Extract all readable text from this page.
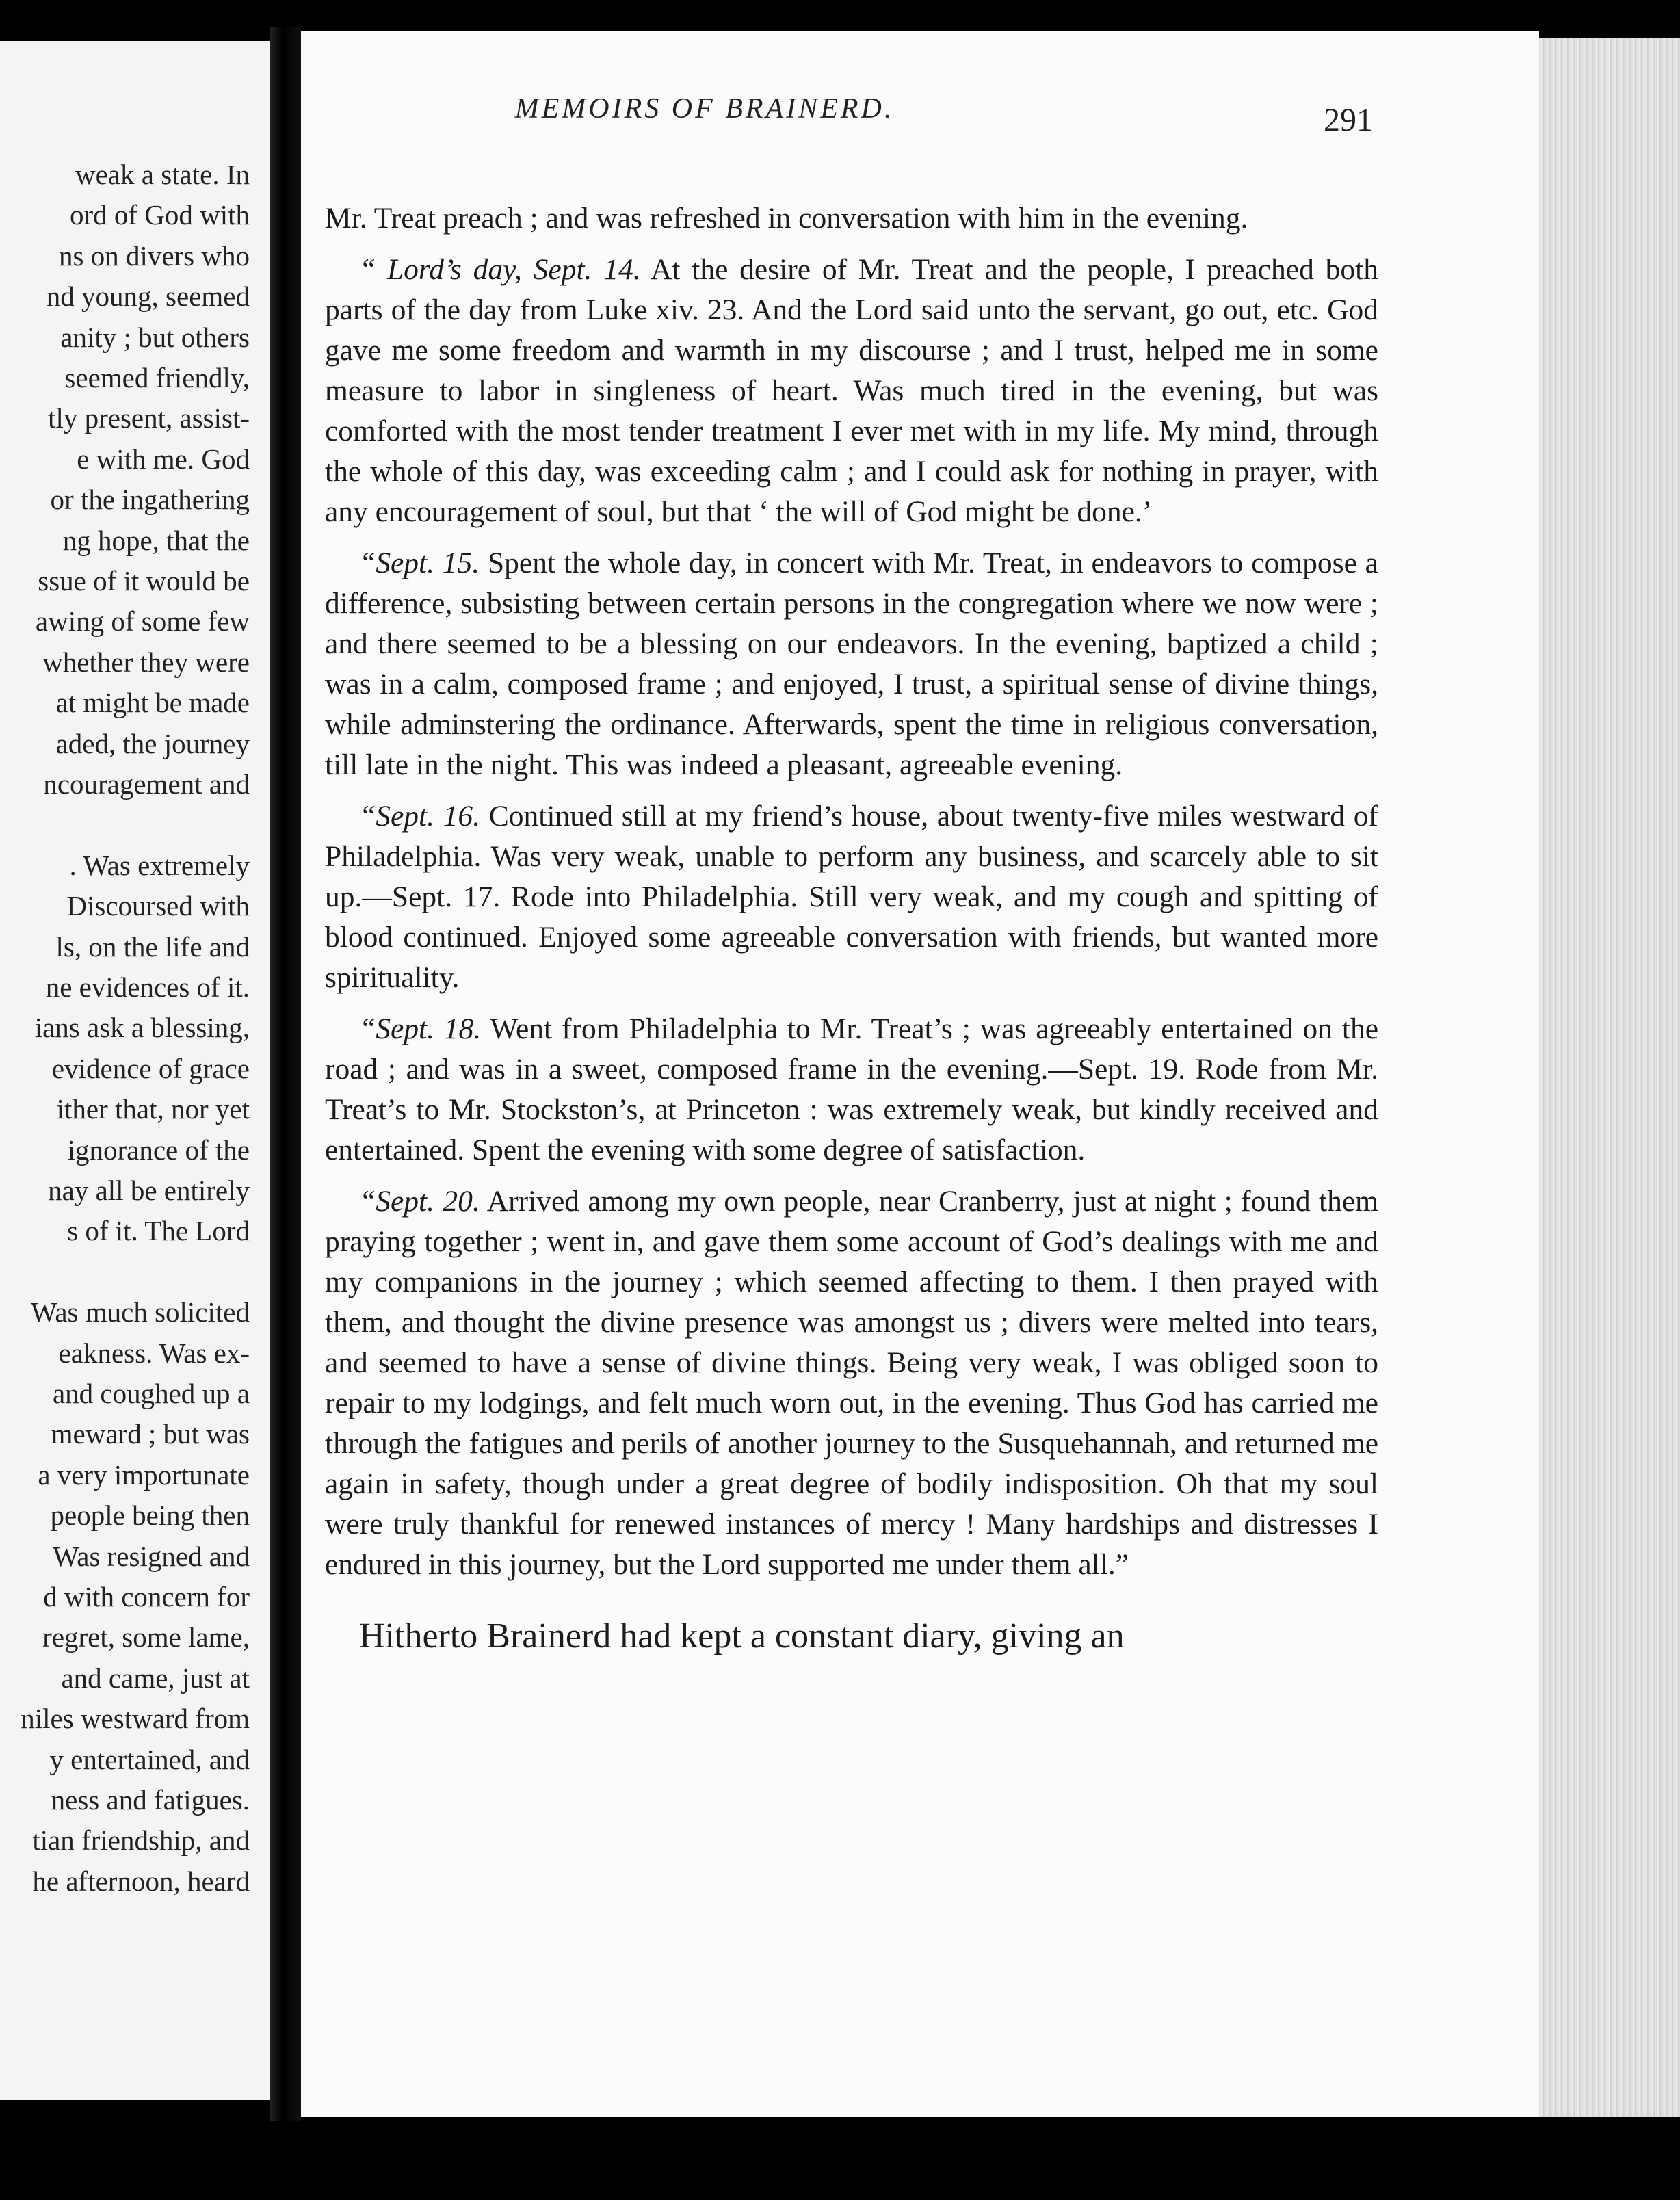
weak a state. In
ord of God with
ns on divers who
nd young, seemed
anity ; but others
seemed friendly,
tly present, assist-
e with me. God
or the ingathering
ng hope, that the
ssue of it would be
awing of some few
whether they were
at might be made
aded, the journey
ncouragement and
. Was extremely
Discoursed with
ls, on the life and
ne evidences of it.
ians ask a blessing,
evidence of grace
ither that, nor yet
ignorance of the
nay all be entirely
s of it. The Lord
Was much solicited
eakness. Was ex-
and coughed up a
meward ; but was
a very importunate
people being then
Was resigned and
d with concern for
regret, some lame,
and came, just at
niles westward from
y entertained, and
ness and fatigues.
tian friendship, and
he afternoon, heard
MEMOIRS OF BRAINERD.	291

Mr. Treat preach ; and was refreshed in conversation with him in the evening.

“ Lord’s day, Sept. 14. At the desire of Mr. Treat and the people, I preached both parts of the day from Luke xiv. 23. And the Lord said unto the servant, go out, etc. God gave me some freedom and warmth in my discourse ; and I trust, helped me in some measure to labor in singleness of heart. Was much tired in the evening, but was comforted with the most tender treatment I ever met with in my life. My mind, through the whole of this day, was exceeding calm ; and I could ask for nothing in prayer, with any encouragement of soul, but that ‘ the will of God might be done.’

“Sept. 15. Spent the whole day, in concert with Mr. Treat, in endeavors to compose a difference, subsisting between certain persons in the congregation where we now were ; and there seemed to be a blessing on our endeavors. In the evening, baptized a child ; was in a calm, composed frame ; and enjoyed, I trust, a spiritual sense of divine things, while adminstering the ordinance. Afterwards, spent the time in religious conversation, till late in the night. This was indeed a pleasant, agreeable evening.

“Sept. 16. Continued still at my friend’s house, about twenty-five miles westward of Philadelphia. Was very weak, unable to perform any business, and scarcely able to sit up.—Sept. 17. Rode into Philadelphia. Still very weak, and my cough and spitting of blood continued. Enjoyed some agreeable conversation with friends, but wanted more spirituality.

“Sept. 18. Went from Philadelphia to Mr. Treat’s ; was agreeably entertained on the road ; and was in a sweet, composed frame in the evening.—Sept. 19. Rode from Mr. Treat’s to Mr. Stockston’s, at Princeton : was extremely weak, but kindly received and entertained. Spent the evening with some degree of satisfaction.

“Sept. 20. Arrived among my own people, near Cranberry, just at night ; found them praying together ; went in, and gave them some account of God’s dealings with me and my companions in the journey ; which seemed affecting to them. I then prayed with them, and thought the divine presence was amongst us ; divers were melted into tears, and seemed to have a sense of divine things. Being very weak, I was obliged soon to repair to my lodgings, and felt much worn out, in the evening. Thus God has carried me through the fatigues and perils of another journey to the Susquehannah, and returned me again in safety, though under a great degree of bodily indisposition. Oh that my soul were truly thankful for renewed instances of mercy ! Many hardships and distresses I endured in this journey, but the Lord supported me under them all.”

Hitherto Brainerd had kept a constant diary, giving an
